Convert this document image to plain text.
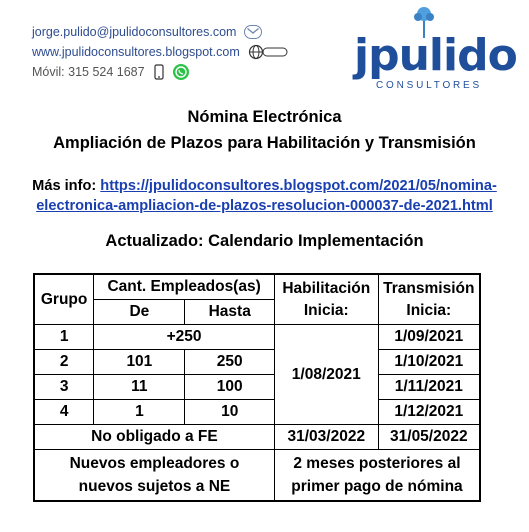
jorge.pulido@jpulidoconsultores.com
www.jpulidoconsultores.blogspot.com
Móvil: 315 524 1687	jpulido
CONSULTORES
Nómina Electrónica
Ampliación de Plazos para Habilitación y Transmisión
Más info: https://jpulidoconsultores.blogspot.com/2021/05/nomina-
electronica-ampliacion-de-plazos-resolucion-000037-de-2021.html
Actualizado: Calendario Implementación
Grupo	Cant. Empleados(as)		Habilitación Inicia:	Transmisión Inicia:
	De	Hasta		
1	+250		1/08/2021	1/09/2021
2	101	250		1/10/2021
3	11	100		1/11/2021
4	1	10		1/12/2021
No obligado a FE			31/03/2022	31/05/2022
Nuevos empleadores o nuevos sujetos a NE			2 meses posteriores al primer pago de nómina	
